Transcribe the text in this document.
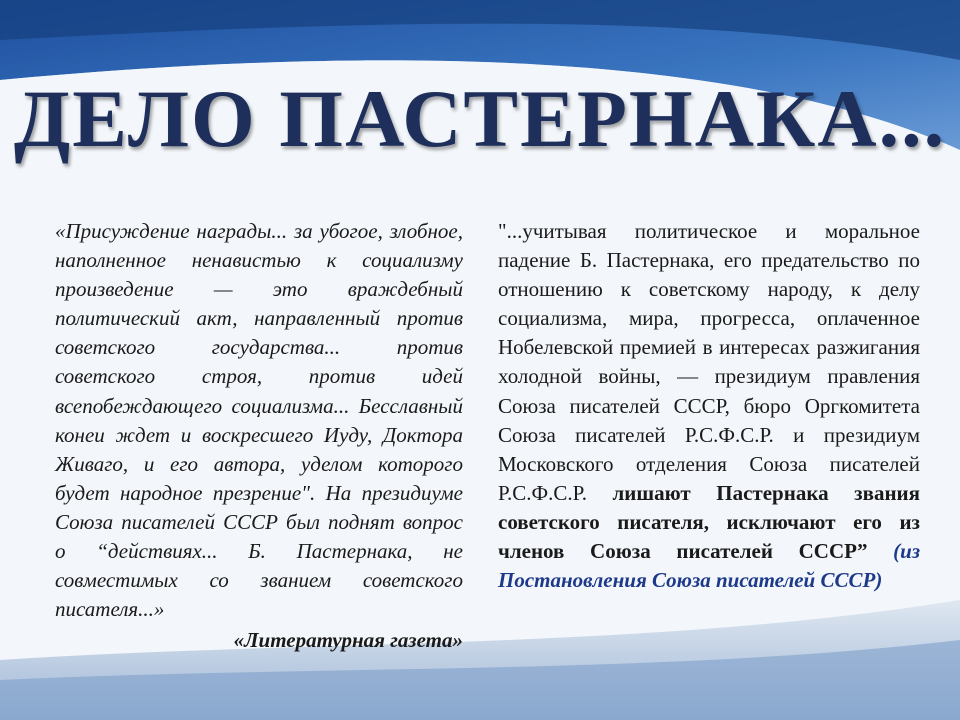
ДЕЛО ПАСТЕРНАКА...

«Присуждение награды... за убогое, злобное, наполненное ненавистью к социализму произведение — это враждебный политический акт, направленный против советского государства... против советского строя, против идей всепобеждающего социализма... Бесславный конеи ждет и воскресшего Иуду, Доктора Живаго, и его автора, уделом которого будет народное презрение". На президиуме Союза писателей СССР был поднят вопрос о “действиях... Б. Пастернака, не совместимых со званием советского писателя...»

«Литературная газета»

"...учитывая политическое и моральное падение Б. Пастернака, его предательство по отношению к советскому народу, к делу социализма, мира, прогресса, оплаченное Нобелевской премией в интересах разжигания холодной войны, — президиум правления Союза писателей СССР, бюро Оргкомитета Союза писателей Р.С.Ф.С.Р. и президиум Московского отделения Союза писателей Р.С.Ф.С.Р. лишают Пастернака звания советского писателя, исключают его из членов Союза писателей СССР” (из Постановления Союза писателей СССР)
